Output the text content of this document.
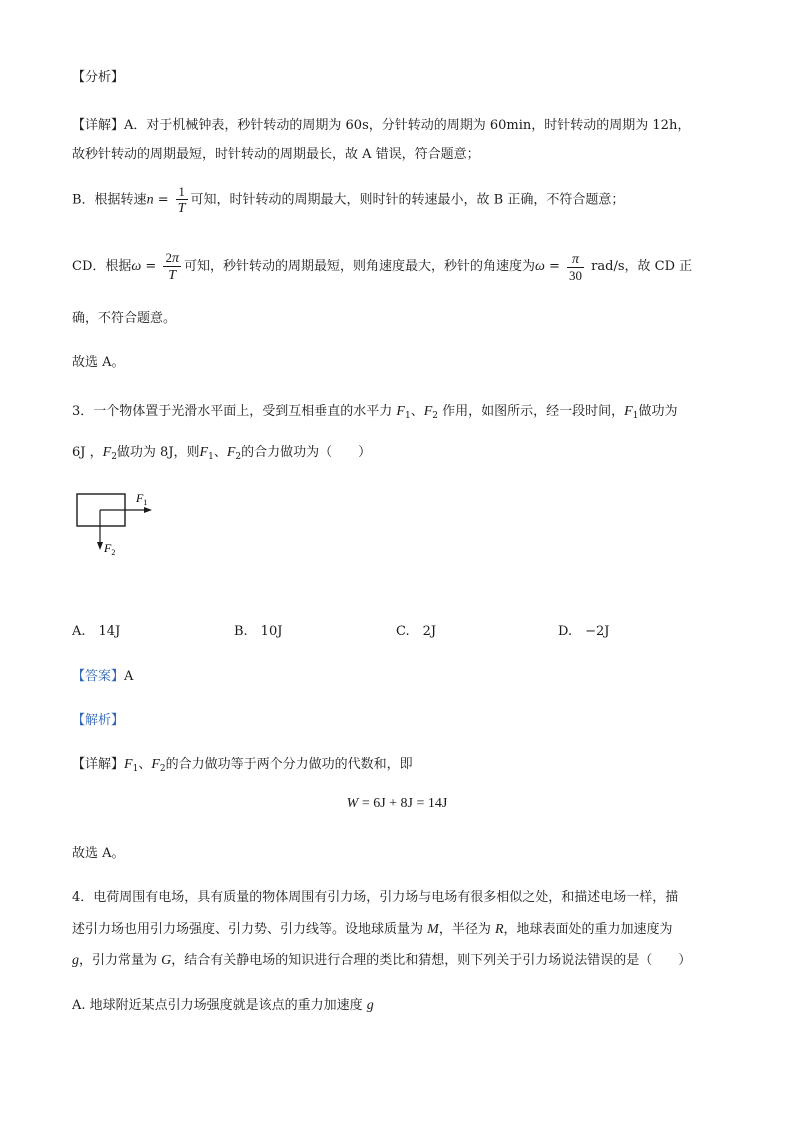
【分析】
【详解】A．对于机械钟表，秒针转动的周期为 60s，分针转动的周期为 60min，时针转动的周期为 12h，
故秒针转动的周期最短，时针转动的周期最长，故 A 错误，符合题意；
B．根据转速$n = \frac{1}{T}$ 可知，时针转动的周期最大，则时针的转速最小，故 B 正确，不符合题意；
CD．根据$\omega = \frac{2\pi}{T}$ 可知，秒针转动的周期最短，则角速度最大，秒针的角速度为$\omega = \frac{\pi}{30} rad/s$，故 CD 正
确，不符合题意。
故选 A。
3．一个物体置于光滑水平面上，受到互相垂直的水平力 $F_1$、$F_2$ 作用，如图所示，经一段时间，$F_1$做功为
6J ，$F_2$做功为 8J，则$F_1$、$F_2$的合力做功为（　　）
$F_1$
$F_2$
A.　14J	B.　10J	C.　2J	D.　−2J
【答案】A
【解析】
【详解】$F_1$、$F_2$的合力做功等于两个分力做功的代数和，即
W = 6J + 8J = 14J
故选 A。
4．电荷周围有电场，具有质量的物体周围有引力场，引力场与电场有很多相似之处，和描述电场一样，描
述引力场也用引力场强度、引力势、引力线等。设地球质量为 M，半径为 R，地球表面处的重力加速度为
g，引力常量为 G，结合有关静电场的知识进行合理的类比和猜想，则下列关于引力场说法错误的是（　　）
A. 地球附近某点引力场强度就是该点的重力加速度 g
